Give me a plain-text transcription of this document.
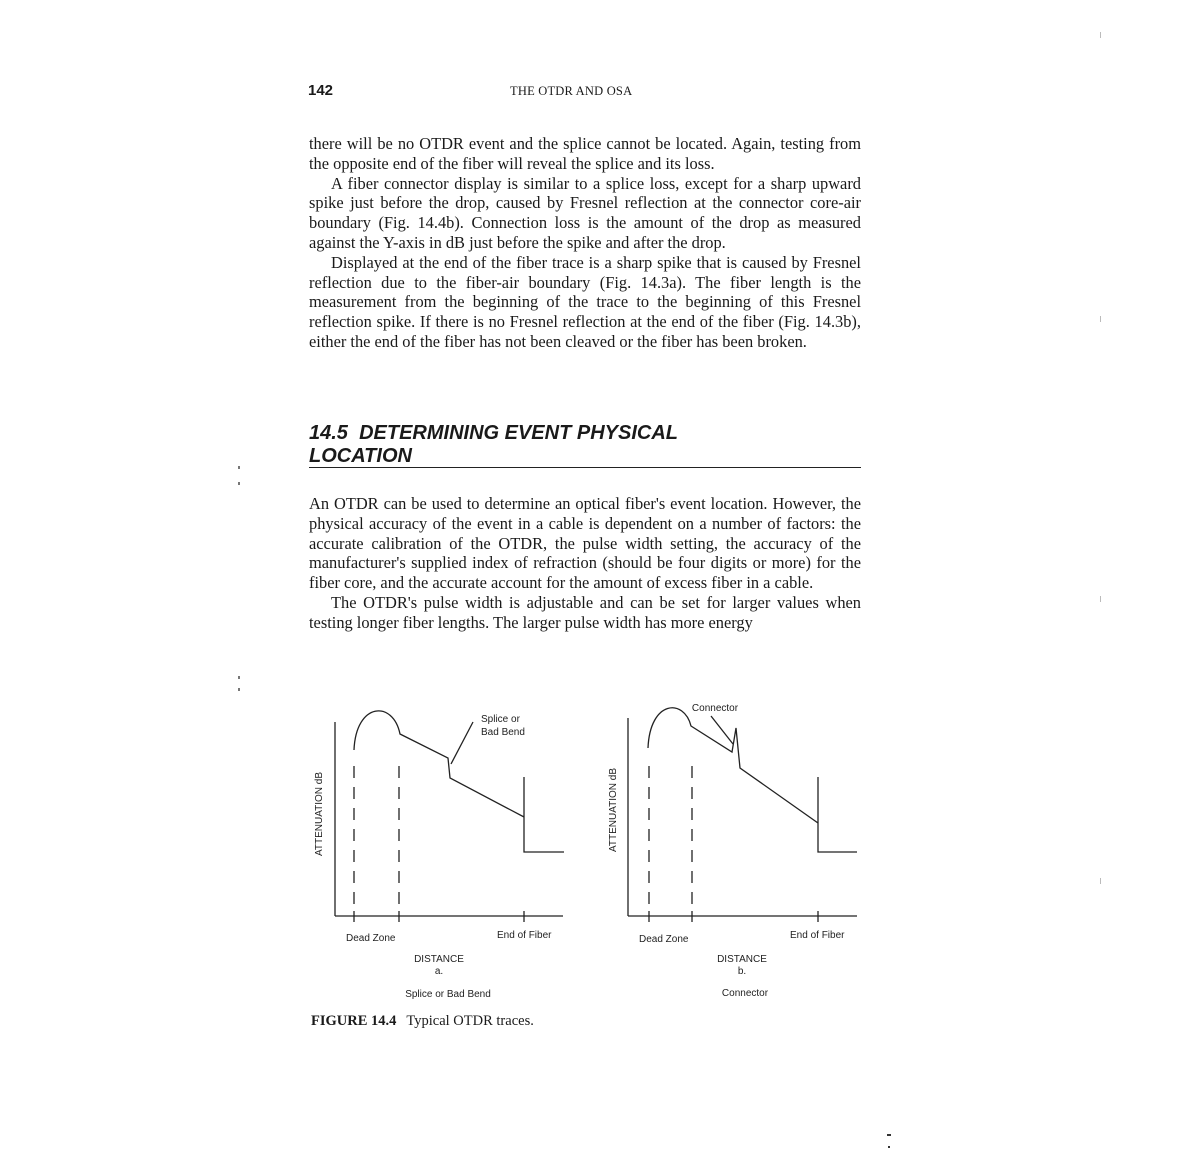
142	THE OTDR AND OSA

there will be no OTDR event and the splice cannot be located. Again, testing from the opposite end of the fiber will reveal the splice and its loss.

A fiber connector display is similar to a splice loss, except for a sharp upward spike just before the drop, caused by Fresnel reflection at the connector core-air boundary (Fig. 14.4b). Connection loss is the amount of the drop as measured against the Y-axis in dB just before the spike and after the drop.

Displayed at the end of the fiber trace is a sharp spike that is caused by Fresnel reflection due to the fiber-air boundary (Fig. 14.3a). The fiber length is the measurement from the beginning of the trace to the beginning of this Fresnel reflection spike. If there is no Fresnel reflection at the end of the fiber (Fig. 14.3b), either the end of the fiber has not been cleaved or the fiber has been broken.

14.5 DETERMINING EVENT PHYSICAL
LOCATION

An OTDR can be used to determine an optical fiber's event location. However, the physical accuracy of the event in a cable is dependent on a number of factors: the accurate calibration of the OTDR, the pulse width setting, the accuracy of the manufacturer's supplied index of refraction (should be four digits or more) for the fiber core, and the accurate account for the amount of excess fiber in a cable.

The OTDR's pulse width is adjustable and can be set for larger values when testing longer fiber lengths. The larger pulse width has more energy

ATTENUATION dB
Splice or
Bad Bend
Dead Zone	End of Fiber
DISTANCE
a.
Splice or Bad Bend
ATTENUATION dB
Connector
Dead Zone	End of Fiber
DISTANCE
b.
Connector
FIGURE 14.4 Typical OTDR traces.
